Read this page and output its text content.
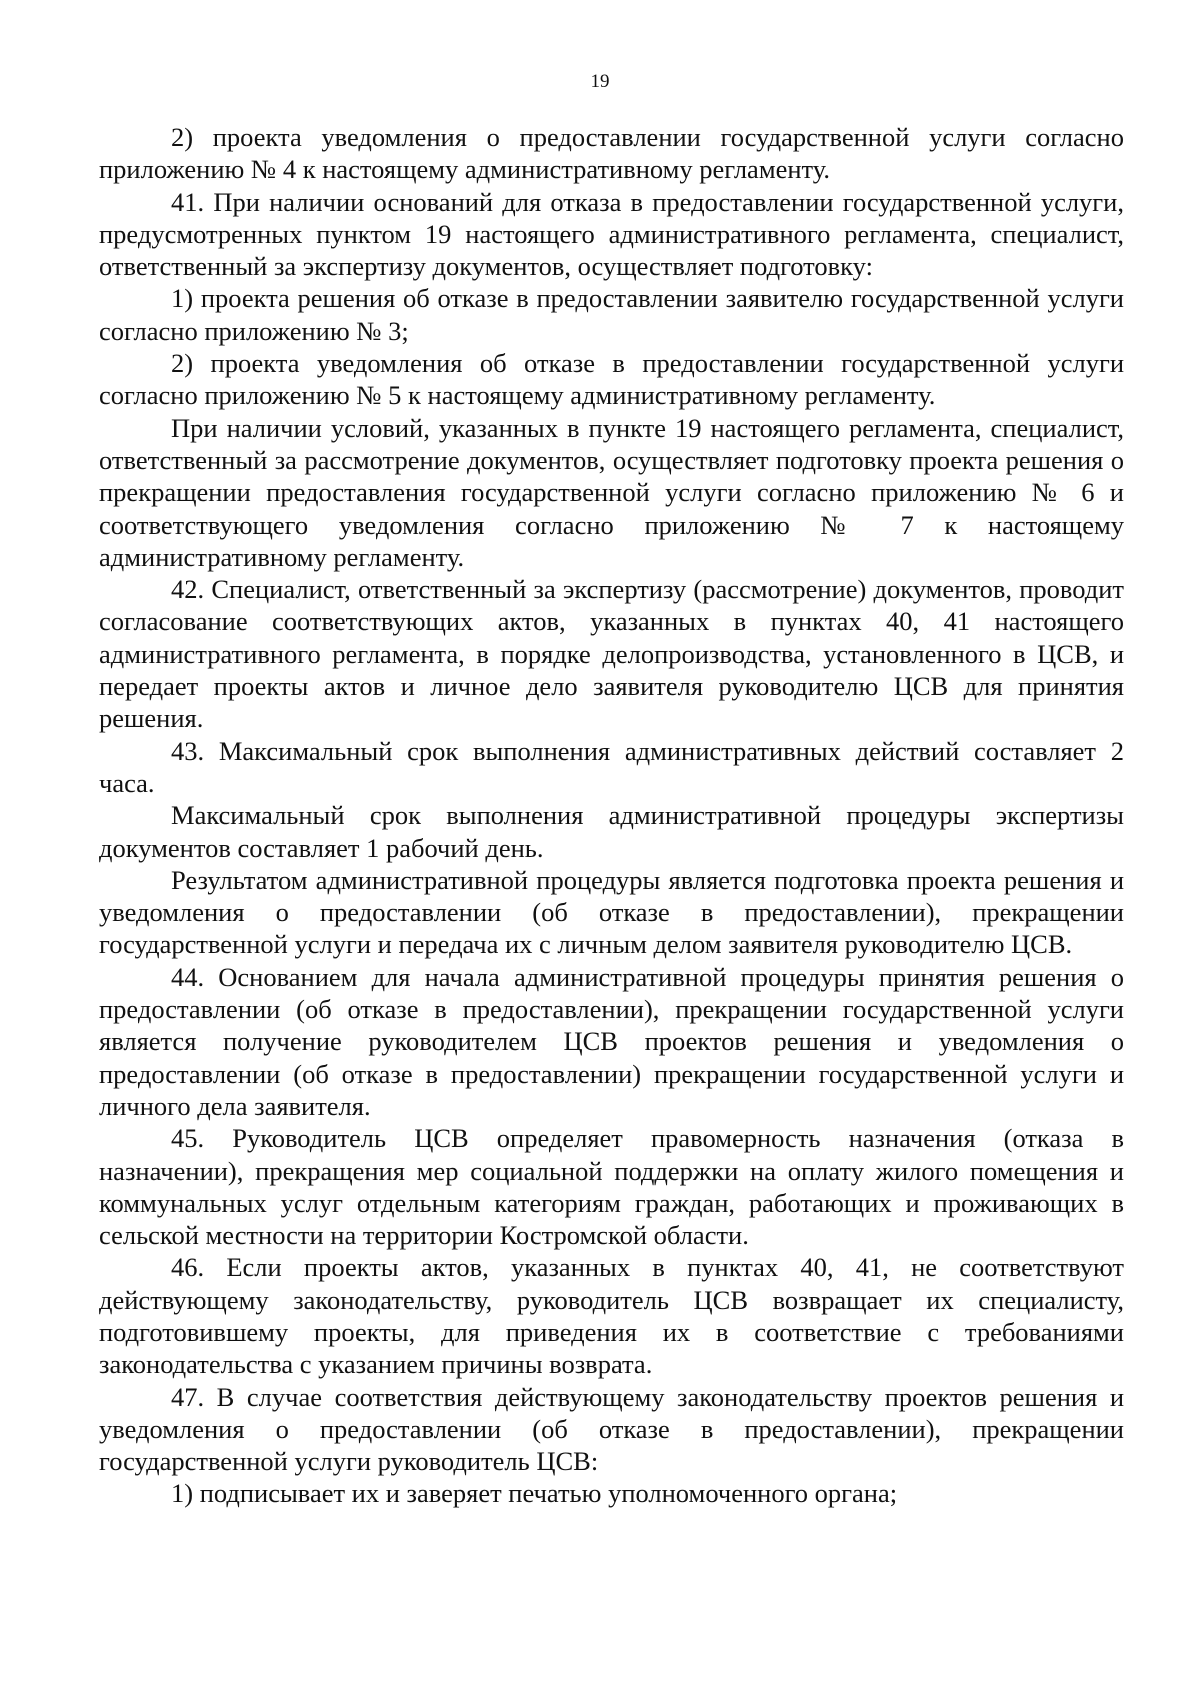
19

2) проекта уведомления о предоставлении государственной услуги согласно приложению № 4 к настоящему административному регламенту.

41. При наличии оснований для отказа в предоставлении государственной услуги, предусмотренных пунктом 19 настоящего административного регламента, специалист, ответственный за экспертизу документов, осуществляет подготовку:

1) проекта решения об отказе в предоставлении заявителю государственной услуги согласно приложению № 3;

2) проекта уведомления об отказе в предоставлении государственной услуги согласно приложению № 5 к настоящему административному регламенту.

При наличии условий, указанных в пункте 19 настоящего регламента, специалист, ответственный за рассмотрение документов, осуществляет подготовку проекта решения о прекращении предоставления государственной услуги согласно приложению № 6 и соответствующего уведомления согласно приложению № 7 к настоящему административному регламенту.

42. Специалист, ответственный за экспертизу (рассмотрение) документов, проводит согласование соответствующих актов, указанных в пунктах 40, 41 настоящего административного регламента, в порядке делопроизводства, установленного в ЦСВ, и передает проекты актов и личное дело заявителя руководителю ЦСВ для принятия решения.

43. Максимальный срок выполнения административных действий составляет 2 часа.

Максимальный срок выполнения административной процедуры экспертизы документов составляет 1 рабочий день.

Результатом административной процедуры является подготовка проекта решения и уведомления о предоставлении (об отказе в предоставлении), прекращении государственной услуги и передача их с личным делом заявителя руководителю ЦСВ.

44. Основанием для начала административной процедуры принятия решения о предоставлении (об отказе в предоставлении), прекращении государственной услуги является получение руководителем ЦСВ проектов решения и уведомления о предоставлении (об отказе в предоставлении) прекращении государственной услуги и личного дела заявителя.

45. Руководитель ЦСВ определяет правомерность назначения (отказа в назначении), прекращения мер социальной поддержки на оплату жилого помещения и коммунальных услуг отдельным категориям граждан, работающих и проживающих в сельской местности на территории Костромской области.

46. Если проекты актов, указанных в пунктах 40, 41, не соответствуют действующему законодательству, руководитель ЦСВ возвращает их специалисту, подготовившему проекты, для приведения их в соответствие с требованиями законодательства с указанием причины возврата.

47. В случае соответствия действующему законодательству проектов решения и уведомления о предоставлении (об отказе в предоставлении), прекращении государственной услуги руководитель ЦСВ:

1) подписывает их и заверяет печатью уполномоченного органа;
